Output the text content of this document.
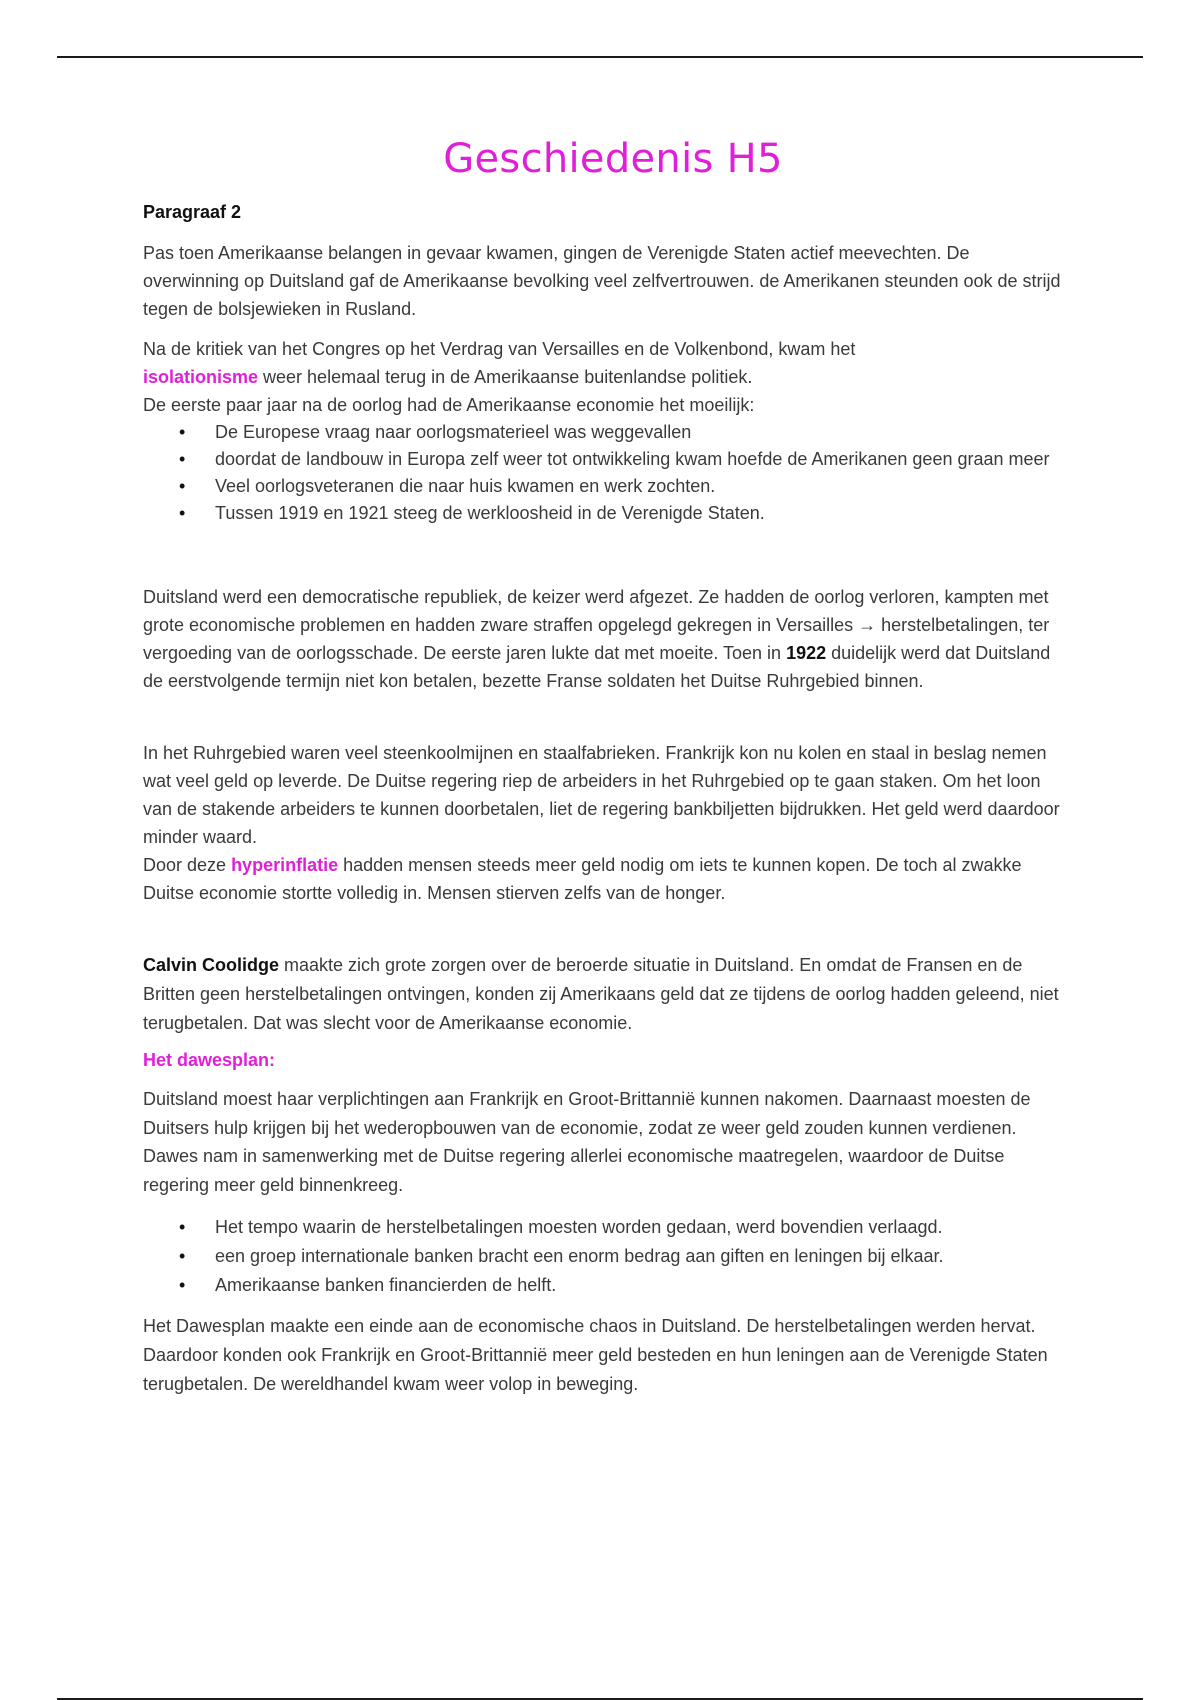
Geschiedenis H5
Paragraaf 2

Pas toen Amerikaanse belangen in gevaar kwamen, gingen de Verenigde Staten actief meevechten. De overwinning op Duitsland gaf de Amerikaanse bevolking veel zelfvertrouwen. de Amerikanen steunden ook de strijd tegen de bolsjewieken in Rusland.

Na de kritiek van het Congres op het Verdrag van Versailles en de Volkenbond, kwam het
isolationisme weer helemaal terug in de Amerikaanse buitenlandse politiek.
De eerste paar jaar na de oorlog had de Amerikaanse economie het moeilijk:

• De Europese vraag naar oorlogsmaterieel was weggevallen
• doordat de landbouw in Europa zelf weer tot ontwikkeling kwam hoefde de Amerikanen geen graan meer
• Veel oorlogsveteranen die naar huis kwamen en werk zochten.
• Tussen 1919 en 1921 steeg de werkloosheid in de Verenigde Staten.

Duitsland werd een democratische republiek, de keizer werd afgezet. Ze hadden de oorlog verloren, kampten met grote economische problemen en hadden zware straffen opgelegd gekregen in Versailles → herstelbetalingen, ter vergoeding van de oorlogsschade. De eerste jaren lukte dat met moeite. Toen in 1922 duidelijk werd dat Duitsland de eerstvolgende termijn niet kon betalen, bezette Franse soldaten het Duitse Ruhrgebied binnen.

In het Ruhrgebied waren veel steenkoolmijnen en staalfabrieken. Frankrijk kon nu kolen en staal in beslag nemen wat veel geld op leverde. De Duitse regering riep de arbeiders in het Ruhrgebied op te gaan staken. Om het loon van de stakende arbeiders te kunnen doorbetalen, liet de regering bankbiljetten bijdrukken. Het geld werd daardoor minder waard.
Door deze hyperinflatie hadden mensen steeds meer geld nodig om iets te kunnen kopen. De toch al zwakke Duitse economie stortte volledig in. Mensen stierven zelfs van de honger.

Calvin Coolidge maakte zich grote zorgen over de beroerde situatie in Duitsland. En omdat de Fransen en de Britten geen herstelbetalingen ontvingen, konden zij Amerikaans geld dat ze tijdens de oorlog hadden geleend, niet terugbetalen. Dat was slecht voor de Amerikaanse economie.

Het dawesplan:

Duitsland moest haar verplichtingen aan Frankrijk en Groot-Brittannië kunnen nakomen. Daarnaast moesten de Duitsers hulp krijgen bij het wederopbouwen van de economie, zodat ze weer geld zouden kunnen verdienen. Dawes nam in samenwerking met de Duitse regering allerlei economische maatregelen, waardoor de Duitse regering meer geld binnenkreeg.

• Het tempo waarin de herstelbetalingen moesten worden gedaan, werd bovendien verlaagd.
• een groep internationale banken bracht een enorm bedrag aan giften en leningen bij elkaar.
• Amerikaanse banken financierden de helft.

Het Dawesplan maakte een einde aan de economische chaos in Duitsland. De herstelbetalingen werden hervat. Daardoor konden ook Frankrijk en Groot-Brittannië meer geld besteden en hun leningen aan de Verenigde Staten terugbetalen. De wereldhandel kwam weer volop in beweging.
